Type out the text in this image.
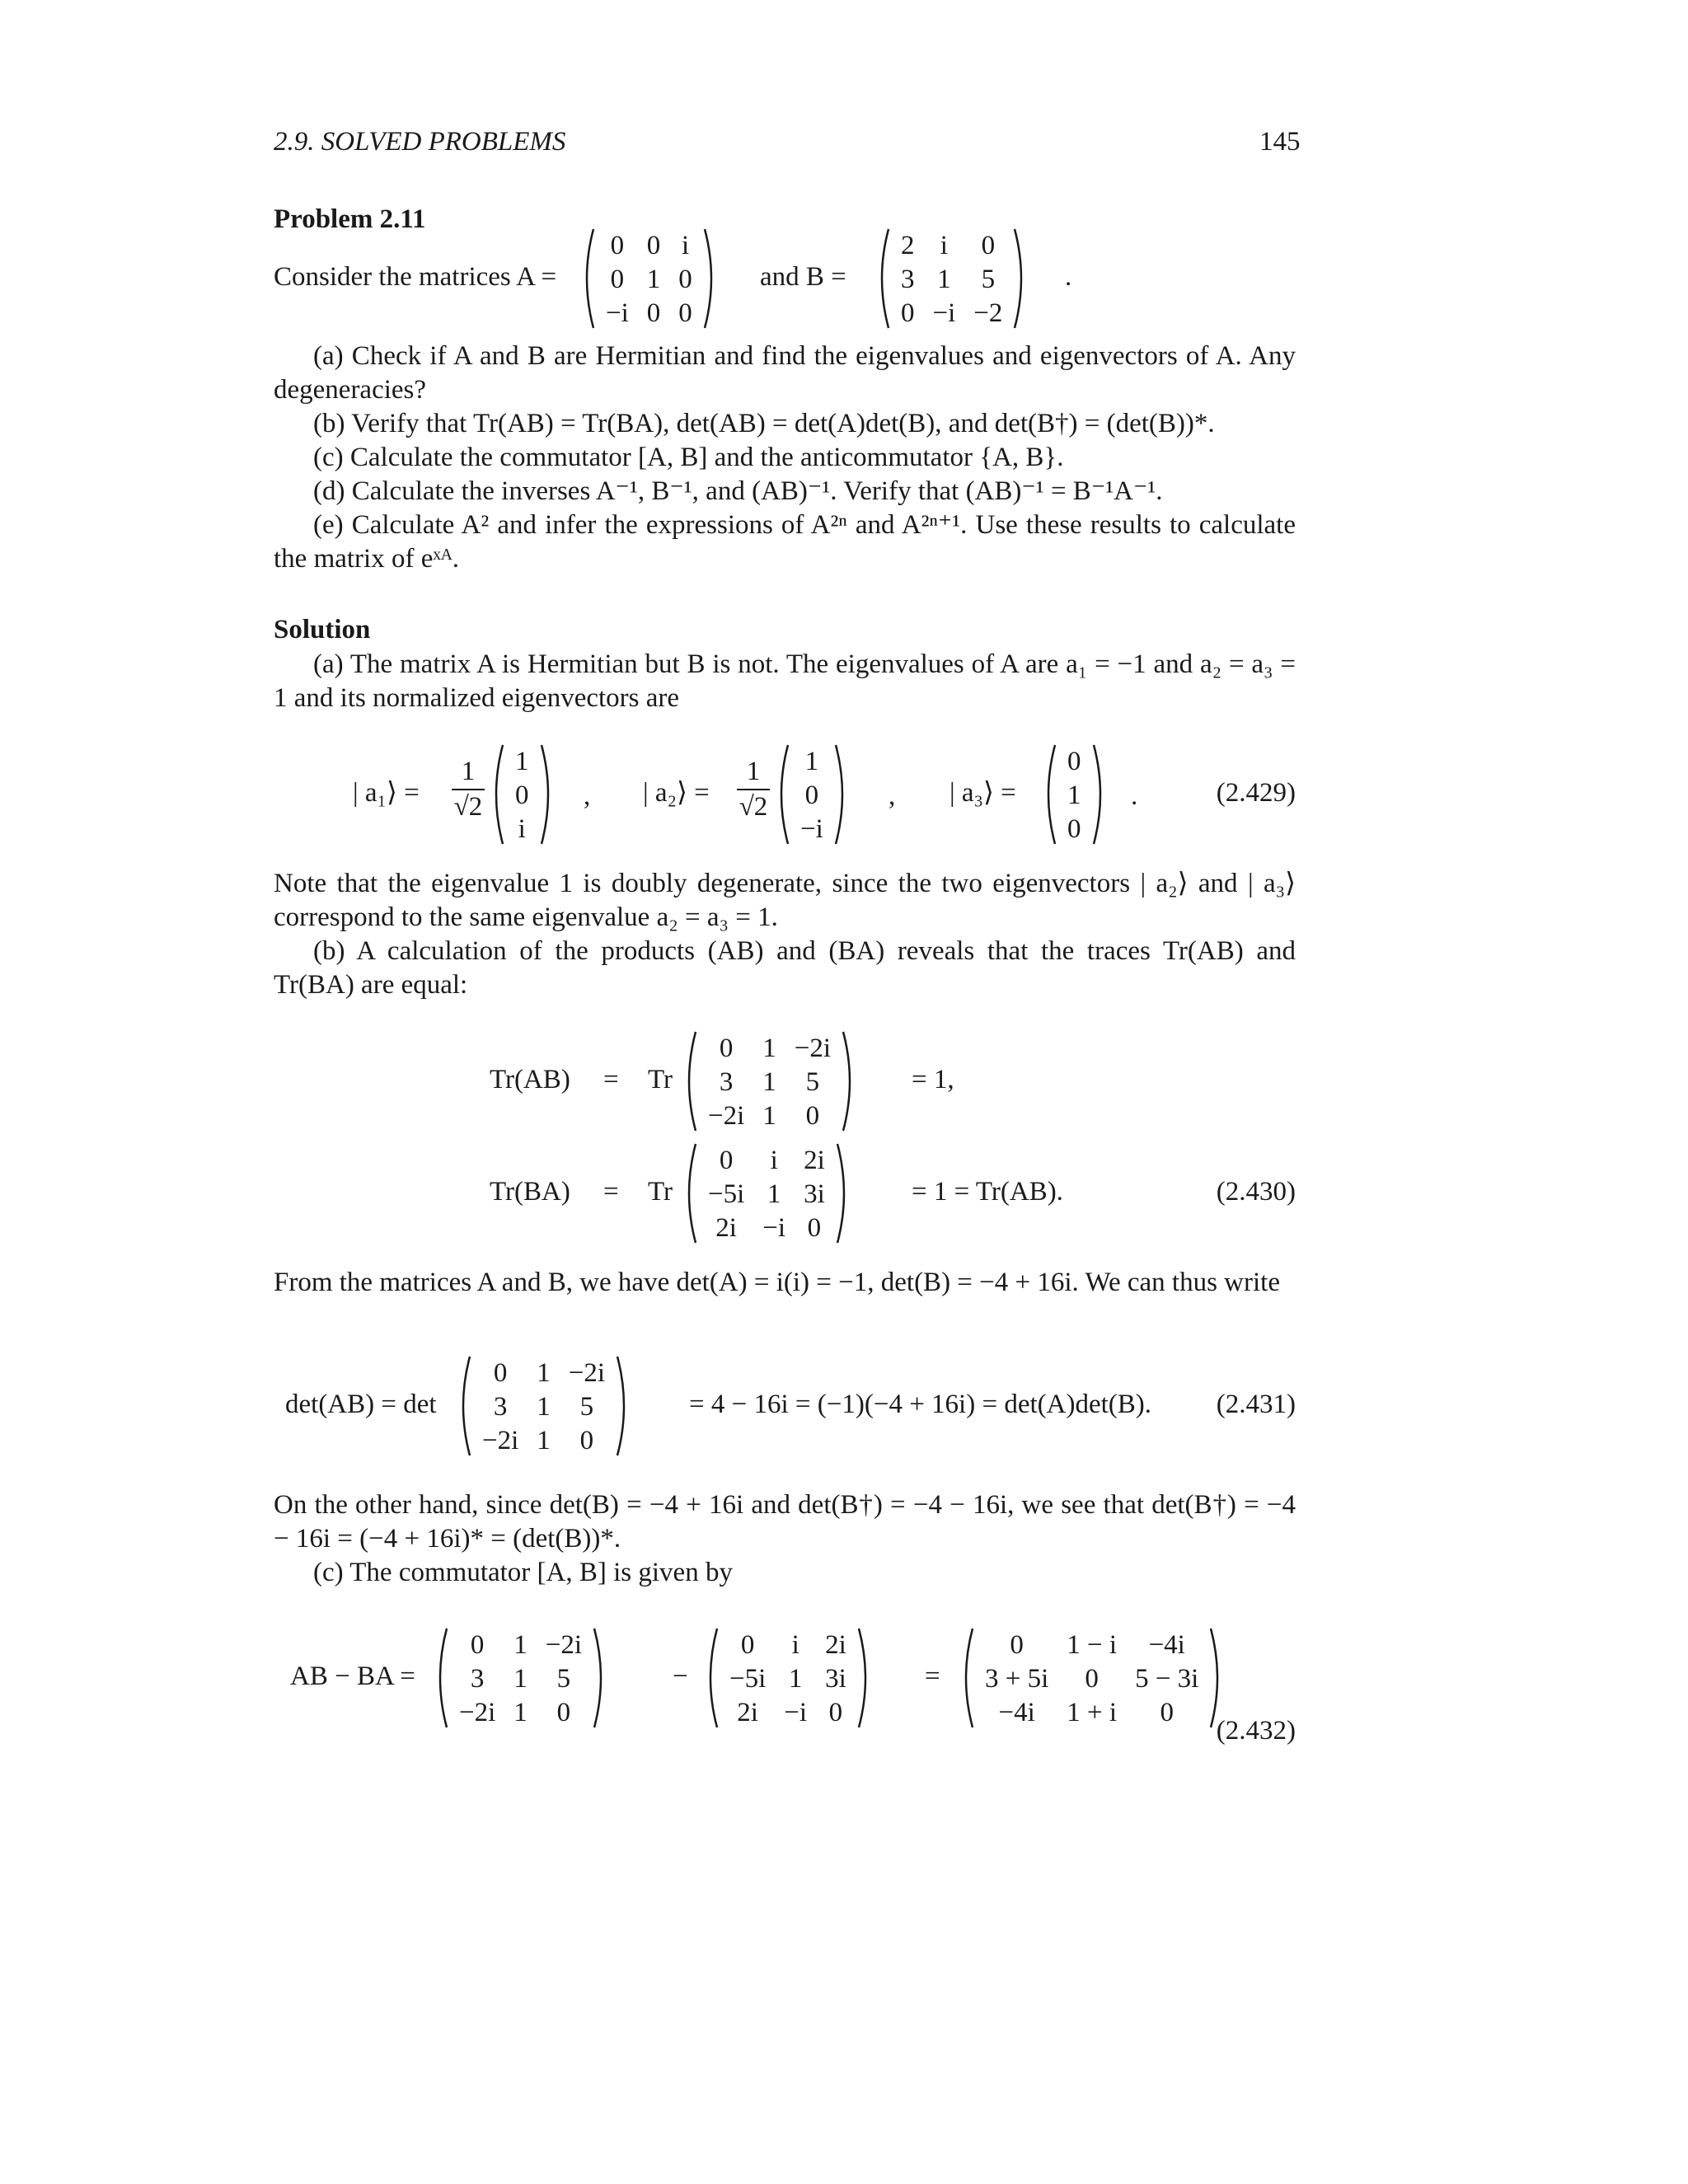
2.9. SOLVED PROBLEMS	145
Problem 2.11
Consider the matrices A =
0	0	i
0	1	0
−i	0	0
and B =
2	i	0
3	1	5
0	−i	−2
.
(a) Check if A and B are Hermitian and find the eigenvalues and eigenvectors of A. Any degeneracies?
(b) Verify that Tr(AB) = Tr(BA), det(AB) = det(A)det(B), and det(B†) = (det(B))*.
(c) Calculate the commutator [A, B] and the anticommutator {A, B}.
(d) Calculate the inverses A⁻¹, B⁻¹, and (AB)⁻¹. Verify that (AB)⁻¹ = B⁻¹A⁻¹.
(e) Calculate A² and infer the expressions of A²ⁿ and A²ⁿ⁺¹. Use these results to calculate the matrix of eˣᴬ.
Solution
(a) The matrix A is Hermitian but B is not. The eigenvalues of A are a₁ = −1 and a₂ = a₃ = 1 and its normalized eigenvectors are
| a₁⟩ =
1
√2
1
0
i
, | a₂⟩ =
1
√2
1
0
−i
, | a₃⟩ =
0
1
0
.	(2.429)
Note that the eigenvalue 1 is doubly degenerate, since the two eigenvectors | a₂⟩ and | a₃⟩ correspond to the same eigenvalue a₂ = a₃ = 1.
(b) A calculation of the products (AB) and (BA) reveals that the traces Tr(AB) and Tr(BA) are equal:
Tr(AB) = Tr
0	1	−2i
3	1	5
−2i	1	0
= 1,
Tr(BA) = Tr
0	i	2i
−5i	1	3i
2i	−i	0
= 1 = Tr(AB).	(2.430)
From the matrices A and B, we have det(A) = i(i) = −1, det(B) = −4 + 16i. We can thus write
det(AB) = det
0	1	−2i
3	1	5
−2i	1	0
= 4 − 16i = (−1)(−4 + 16i) = det(A)det(B). (2.431)
On the other hand, since det(B) = −4 + 16i and det(B†) = −4 − 16i, we see that det(B†) = −4 − 16i = (−4 + 16i)* = (det(B))*.
(c) The commutator [A, B] is given by
AB − BA =
0	1	−2i
3	1	5
−2i	1	0
−
0	i	2i
−5i	1	3i
2i	−i	0
=
0	1 − i	−4i
3 + 5i	0	5 − 3i
−4i	1 + i	0
(2.432)
